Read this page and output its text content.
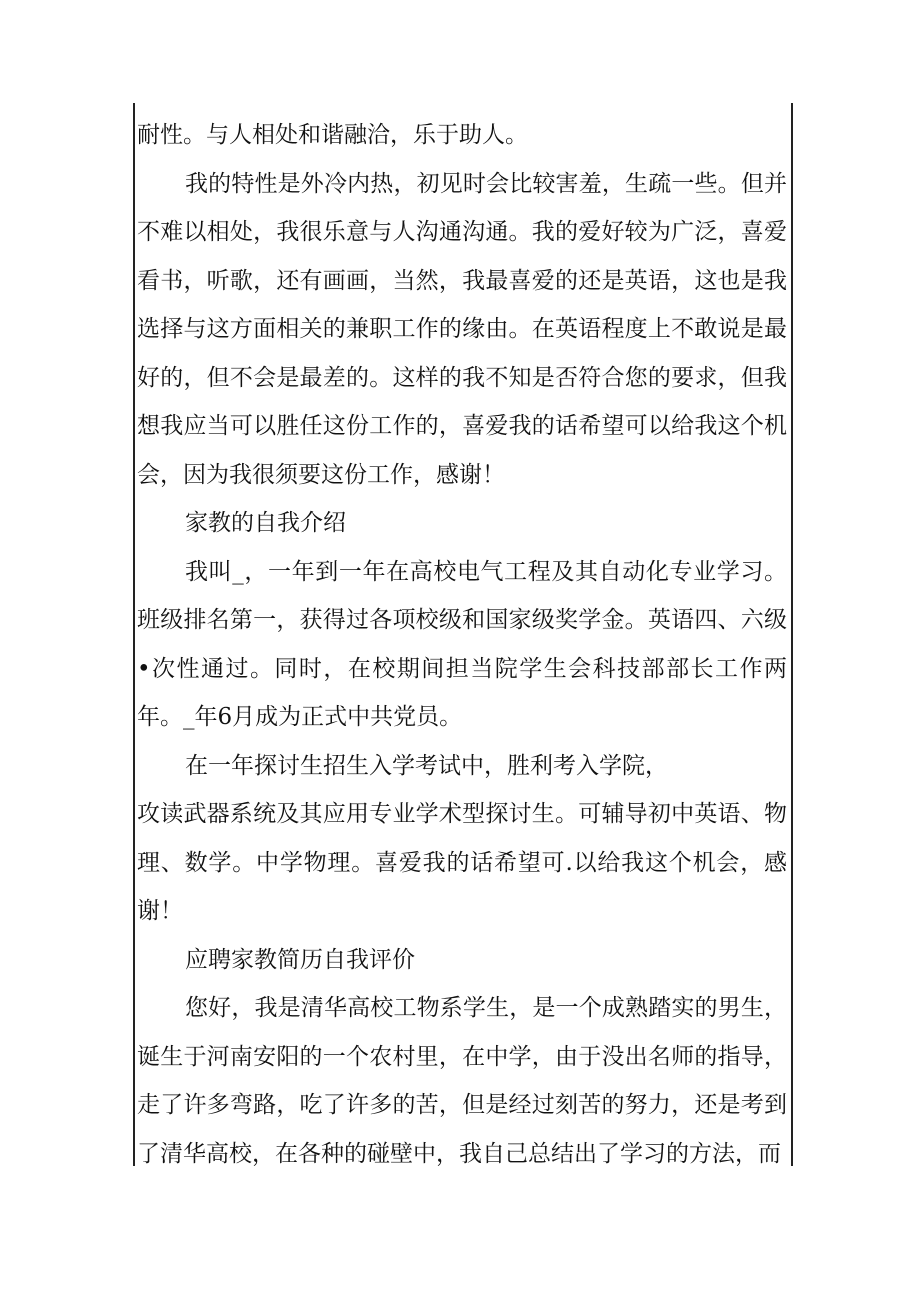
耐性。与人相处和谐融洽，乐于助人。

我的特性是外冷内热，初见时会比较害羞，生疏一些。但并不难以相处，我很乐意与人沟通沟通。我的爱好较为广泛，喜爱看书，听歌，还有画画，当然，我最喜爱的还是英语，这也是我选择与这方面相关的兼职工作的缘由。在英语程度上不敢说是最好的，但不会是最差的。这样的我不知是否符合您的要求，但我想我应当可以胜任这份工作的，喜爱我的话希望可以给我这个机会，因为我很须要这份工作，感谢！

家教的自我介绍

我叫_，一年到一年在高校电气工程及其自动化专业学习。班级排名第一，获得过各项校级和国家级奖学金。英语四、六级•次性通过。同时，在校期间担当院学生会科技部部长工作两年。_年6月成为正式中共党员。

在一年探讨生招生入学考试中，胜利考入学院，

攻读武器系统及其应用专业学术型探讨生。可辅导初中英语、物理、数学。中学物理。喜爱我的话希望可.以给我这个机会，感谢！

应聘家教简历自我评价

您好，我是清华高校工物系学生，是一个成熟踏实的男生，诞生于河南安阳的一个农村里，在中学，由于没出名师的指导，走了许多弯路，吃了许多的苦，但是经过刻苦的努力，还是考到了清华高校，在各种的碰壁中，我自己总结出了学习的方法，而
